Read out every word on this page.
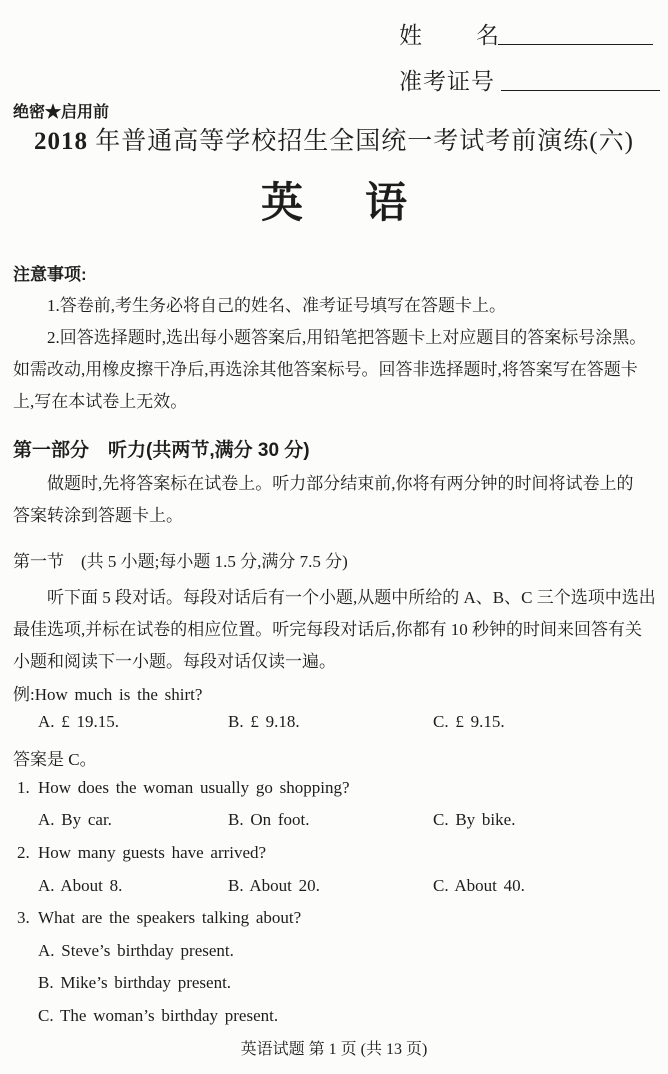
姓 名
准考证号
绝密★启用前
2018 年普通高等学校招生全国统一考试考前演练(六)
英 语
注意事项:
1.答卷前,考生务必将自己的姓名、准考证号填写在答题卡上。
2.回答选择题时,选出每小题答案后,用铅笔把答题卡上对应题目的答案标号涂黑。
如需改动,用橡皮擦干净后,再选涂其他答案标号。回答非选择题时,将答案写在答题卡
上,写在本试卷上无效。
第一部分　听力(共两节,满分 30 分)
做题时,先将答案标在试卷上。听力部分结束前,你将有两分钟的时间将试卷上的
答案转涂到答题卡上。
第一节　(共 5 小题;每小题 1.5 分,满分 7.5 分)
听下面 5 段对话。每段对话后有一个小题,从题中所给的 A、B、C 三个选项中选出
最佳选项,并标在试卷的相应位置。听完每段对话后,你都有 10 秒钟的时间来回答有关
小题和阅读下一小题。每段对话仅读一遍。
例:How much is the shirt?
A. £ 19.15.	B. £ 9.18.	C. £ 9.15.
答案是 C。
1. How does the woman usually go shopping?
A. By car.	B. On foot.	C. By bike.
2. How many guests have arrived?
A. About 8.	B. About 20.	C. About 40.
3. What are the speakers talking about?
A. Steve’s birthday present.
B. Mike’s birthday present.
C. The woman’s birthday present.
英语试题 第 1 页 (共 13 页)
